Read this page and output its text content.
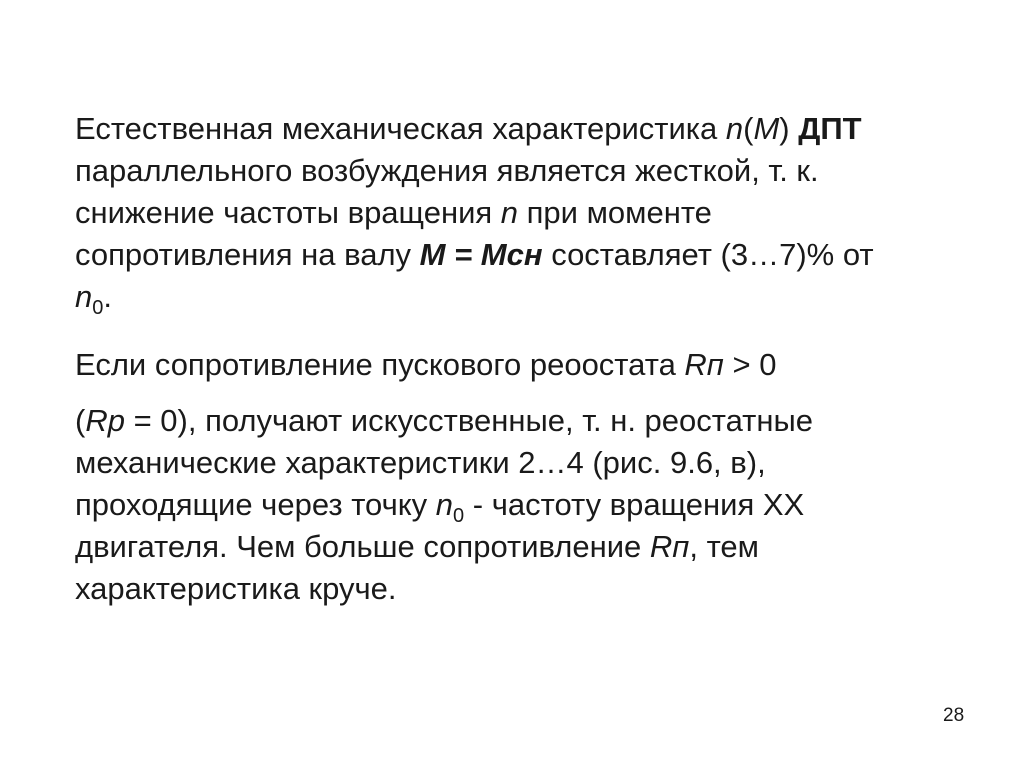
Естественная механическая характеристика n(M) ДПТ
параллельного возбуждения является жесткой, т. к.
снижение частоты вращения n при моменте
сопротивления на валу M = Mсн составляет (3…7)% от
$n_0$.
Если сопротивление пускового реоостата Rп > 0
(Rр = 0), получают искусственные, т. н. реостатные
механические характеристики 2…4 (рис. 9.6, в),
проходящие через точку $n_0$ - частоту вращения ХХ
двигателя. Чем больше сопротивление Rп, тем
характеристика круче.
28
